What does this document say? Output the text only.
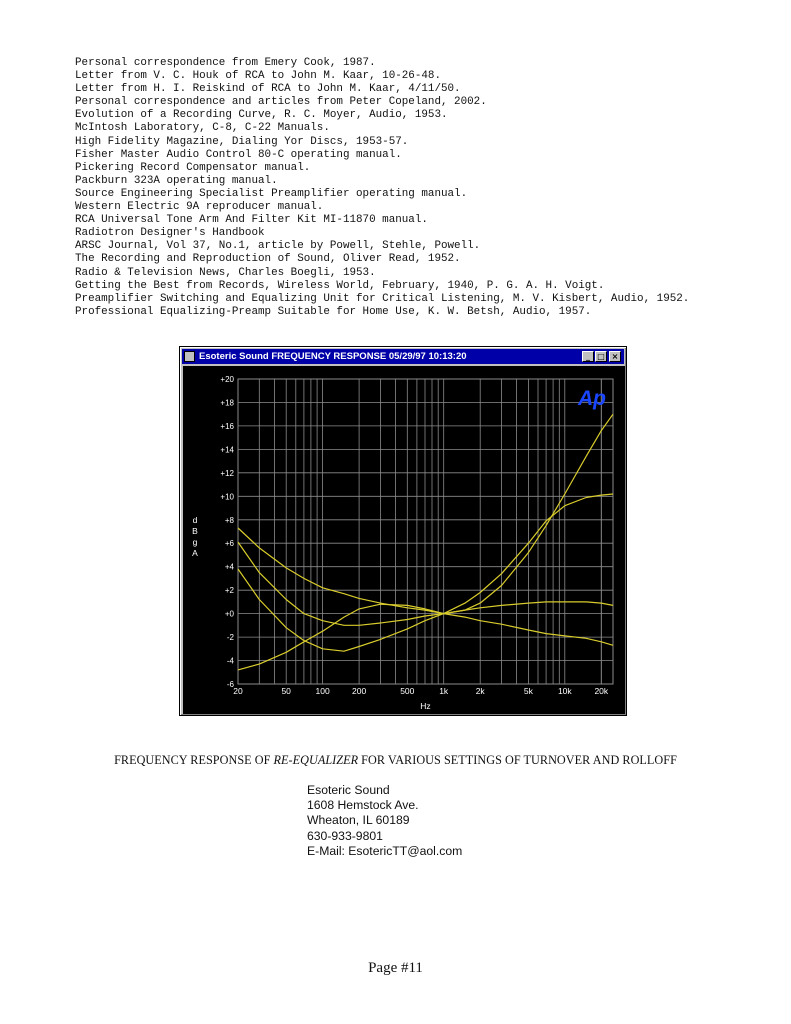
Personal correspondence from Emery Cook, 1987.
Letter from V. C. Houk of RCA to John M. Kaar, 10-26-48.
Letter from H. I. Reiskind of RCA to John M. Kaar, 4/11/50.
Personal correspondence and articles from Peter Copeland, 2002.
Evolution of a Recording Curve, R. C. Moyer, Audio, 1953.
McIntosh Laboratory, C-8, C-22 Manuals.
High Fidelity Magazine, Dialing Yor Discs, 1953-57.
Fisher Master Audio Control 80-C operating manual.
Pickering Record Compensator manual.
Packburn 323A operating manual.
Source Engineering Specialist Preamplifier operating manual.
Western Electric 9A reproducer manual.
RCA Universal Tone Arm And Filter Kit MI-11870 manual.
Radiotron Designer's Handbook
ARSC Journal, Vol 37, No.1, article by Powell, Stehle, Powell.
The Recording and Reproduction of Sound, Oliver Read, 1952.
Radio & Television News, Charles Boegli, 1953.
Getting the Best from Records, Wireless World, February, 1940, P. G. A. H. Voigt.
Preamplifier Switching and Equalizing Unit for Critical Listening, M. V. Kisbert, Audio, 1952.
Professional Equalizing-Preamp Suitable for Home Use, K. W. Betsh, Audio, 1957.
Esoteric Sound FREQUENCY RESPONSE 05/29/97 10:13:20	_ □ ×
-6
-4
-2
+0
+2
+4
+6
+8
+10
+12
+14
+16
+18
+20
20	50	100	200	500	1k	2k	5k	10k	20k
Hz
d
B
g
A
Ap
FREQUENCY RESPONSE OF RE-EQUALIZER FOR VARIOUS SETTINGS OF TURNOVER AND ROLLOFF
Esoteric Sound
1608 Hemstock Ave.
Wheaton, IL 60189
630-933-9801
E-Mail: EsotericTT@aol.com
Page #11
